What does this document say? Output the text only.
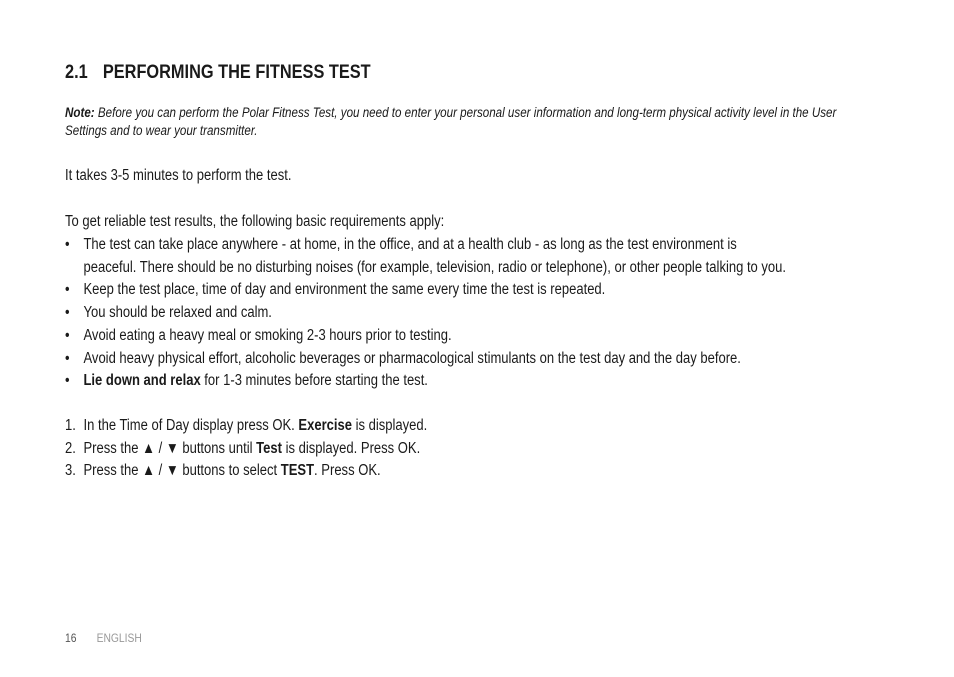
2.1 PERFORMING THE FITNESS TEST
Note: Before you can perform the Polar Fitness Test, you need to enter your personal user information and long-term physical activity level in the User Settings and to wear your transmitter.
It takes 3-5 minutes to perform the test.
To get reliable test results, the following basic requirements apply:
• The test can take place anywhere - at home, in the office, and at a health club - as long as the test environment is
peaceful. There should be no disturbing noises (for example, television, radio or telephone), or other people talking to you.
• Keep the test place, time of day and environment the same every time the test is repeated.
• You should be relaxed and calm.
• Avoid eating a heavy meal or smoking 2-3 hours prior to testing.
• Avoid heavy physical effort, alcoholic beverages or pharmacological stimulants on the test day and the day before.
• Lie down and relax for 1-3 minutes before starting the test.
1. In the Time of Day display press OK. Exercise is displayed.
2. Press the ▲ / ▼ buttons until Test is displayed. Press OK.
3. Press the ▲ / ▼ buttons to select TEST. Press OK.
16 ENGLISH
